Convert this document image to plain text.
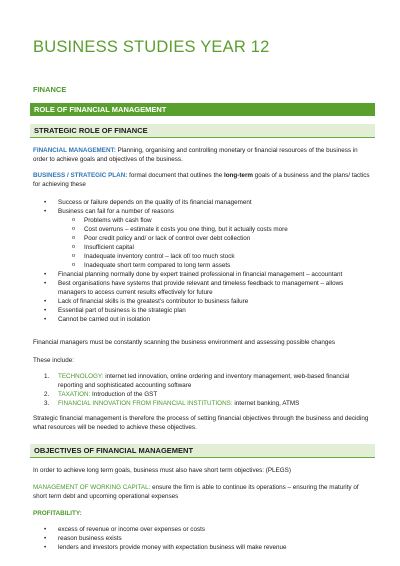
BUSINESS STUDIES YEAR 12
FINANCE
ROLE OF FINANCIAL MANAGEMENT
STRATEGIC ROLE OF FINANCE
FINANCIAL MANAGEMENT: Planning, organising and controlling monetary or financial resources of the business in order to achieve goals and objectives of the business.
BUSINESS / STRATEGIC PLAN: formal document that outlines the long-term goals of a business and the plans/ tactics for achieving these
• Success or failure depends on the quality of its financial management
• Business can fail for a number of reasons
o Problems with cash flow
o Cost overruns – estimate it costs you one thing, but it actually costs more
o Poor credit policy and/ or lack of control over debt collection
o Insufficient capital
o Inadequate inventory control – lack of/ too much stock
o Inadequate short term compared to long term assets
• Financial planning normally done by expert trained professional in financial management – accountant
• Best organisations have systems that provide relevant and timeless feedback to management – allows managers to access current results effectively for future
• Lack of financial skills is the greatest’s contributor to business failure
• Essential part of business is the strategic plan
• Cannot be carried out in isolation
Financial managers must be constantly scanning the business environment and assessing possible changes
These include:
1. TECHNOLOGY: internet led innovation, online ordering and inventory management, web-based financial reporting and sophisticated accounting software
2. TAXATION: Introduction of the GST
3. FINANCIAL INNOVATION FROM FINANCIAL INSTITUTIONS: internet banking, ATMS
Strategic financial management is therefore the process of setting financial objectives through the business and deciding what resources will be needed to achieve these objectives.
OBJECTIVES OF FINANCIAL MANAGEMENT
In order to achieve long term goals, business must also have short term objectives: (PLEGS)
MANAGEMENT OF WORKING CAPITAL: ensure the firm is able to continue its operations – ensuring the maturity of short term debt and upcoming operational expenses
PROFITABILITY:
• excess of revenue or income over expenses or costs
• reason business exists
• lenders and investors provide money with expectation business will make revenue
